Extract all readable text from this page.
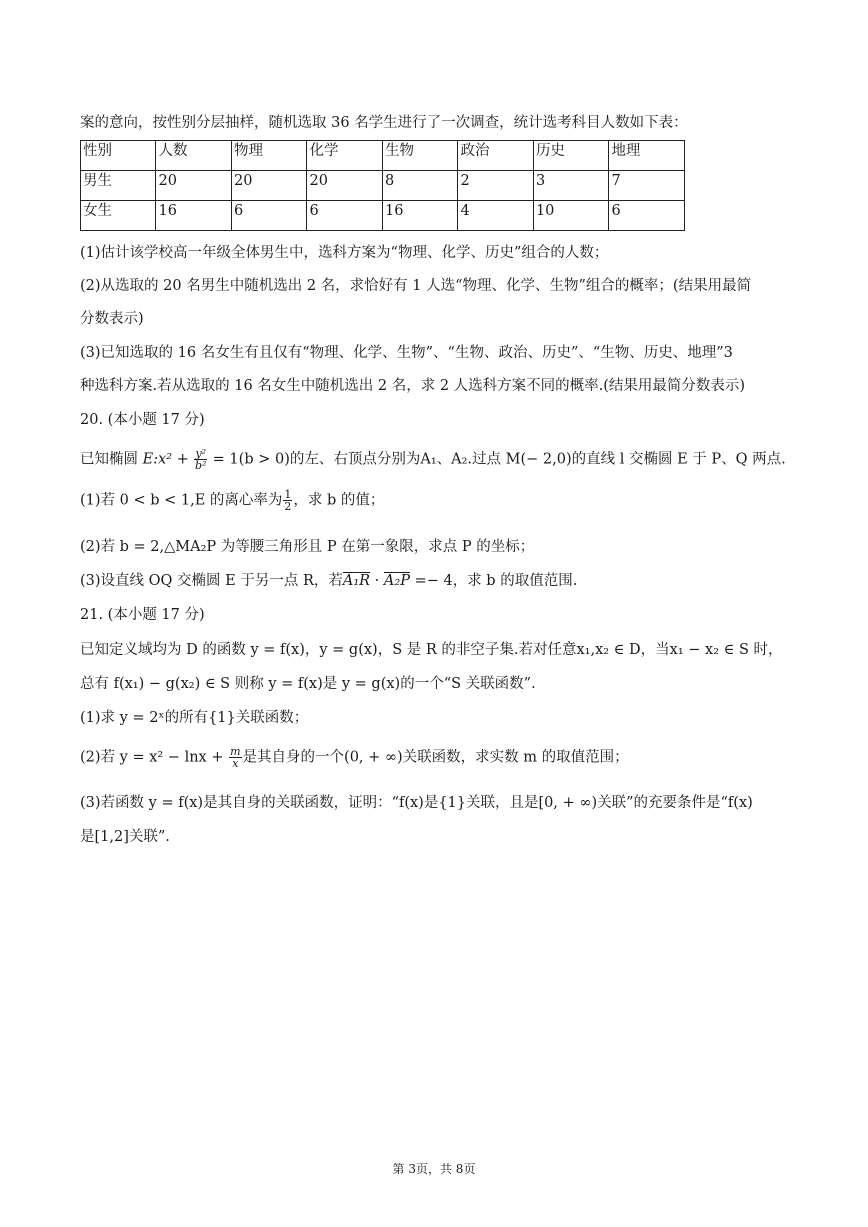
案的意向，按性别分层抽样，随机选取 36 名学生进行了一次调查，统计选考科目人数如下表：
性别	人数	物理	化学	生物	政治	历史	地理
男生	20	20	20	8	2	3	7
女生	16	6	6	16	4	10	6
(1)估计该学校高一年级全体男生中，选科方案为“物理、化学、历史”组合的人数；
(2)从选取的 20 名男生中随机选出 2 名，求恰好有 1 人选“物理、化学、生物”组合的概率；(结果用最简
分数表示)
(3)已知选取的 16 名女生有且仅有“物理、化学、生物”、“生物、政治、历史”、“生物、历史、地理”3
种选科方案.若从选取的 16 名女生中随机选出 2 名，求 2 人选科方案不同的概率.(结果用最简分数表示)
20. (本小题 17 分)
已知椭圆 E:x² + $\frac{\text{y²}}{\text{b²}} = 1(b > 0)$的左、右顶点分别为A₁、A₂.过点 M(− 2,0)的直线 l 交椭圆 E 于 P、Q 两点.
(1)若 0 < b < 1,E 的离心率为 $\frac{1}{2}$ ，求 b 的值；
(2)若 b = 2,△MA₂P 为等腰三角形且 P 在第一象限，求点 P 的坐标；
(3)设直线 OQ 交椭圆 E 于另一点 R，若A₁R · A₂P =− 4，求 b 的取值范围.
21. (本小题 17 分)
已知定义域均为 D 的函数 y = f(x)，y = g(x)，S 是 R 的非空子集.若对任意x₁,x₂ ∈ D，当x₁ − x₂ ∈ S 时，
总有 f(x₁) − g(x₂) ∈ S 则称 y = f(x)是 y = g(x)的一个“S 关联函数”.
(1)求 y = 2ˣ的所有{1}关联函数；
(2)若 $y = x^2 - \ln x + \frac{m}{x}$ 是其自身的一个(0, + ∞)关联函数，求实数 m 的取值范围；
(3)若函数 y = f(x)是其自身的关联函数，证明：“f(x)是{1}关联，且是[0, + ∞)关联”的充要条件是“f(x)
是[1,2]关联”.
第 3页，共 8页
